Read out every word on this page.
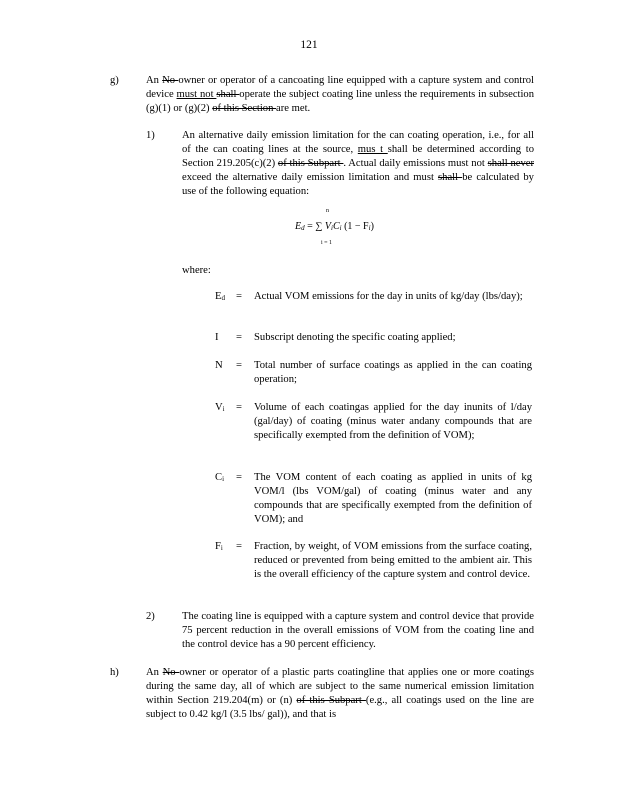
121
g)	An No owner or operator of a cancoating line equipped with a capture system and control device must not shall operate the subject coating line unless the requirements in subsection (g)(1) or (g)(2) of this Section are met.
1)	An alternative daily emission limitation for the can coating operation, i.e., for all of the can coating lines at the source, mus t shall be determined according to Section 219.205(c)(2) of this Subpart . Actual daily emissions must not shall never exceed the alternative daily emission limitation and must shall be calculated by use of the following equation:
$E_d$ = ∑
n
i = 1
$V_iC_i$ $(1 - F_i)$
where:
$E_d$	= Actual VOM emissions for the day in units of kg/day (lbs/day);
I	= Subscript denoting the specific coating applied;
N	= Total number of surface coatings as applied in the can coating operation;
$V_i$	= Volume of each coatingas applied for the day inunits of l/day (gal/day) of coating (minus water andany compounds that are specifically exempted from the definition of VOM);
$C_i$	= The VOM content of each coating as applied in units of kg VOM/l (lbs VOM/gal) of coating (minus water and any compounds that are specifically exempted from the definition of VOM); and
$F_i$	= Fraction, by weight, of VOM emissions from the surface coating, reduced or prevented from being emitted to the ambient air. This is the overall efficiency of the capture system and control device.
2)	The coating line is equipped with a capture system and control device that provide 75 percent reduction in the overall emissions of VOM from the coating line and the control device has a 90 percent efficiency.
h)	An No owner or operator of a plastic parts coatingline that applies one or more coatings during the same day, all of which are subject to the same numerical emission limitation within Section 219.204(m) or (n) of this Subpart (e.g., all coatings used on the line are subject to 0.42 kg/l (3.5 lbs/ gal)), and that is
